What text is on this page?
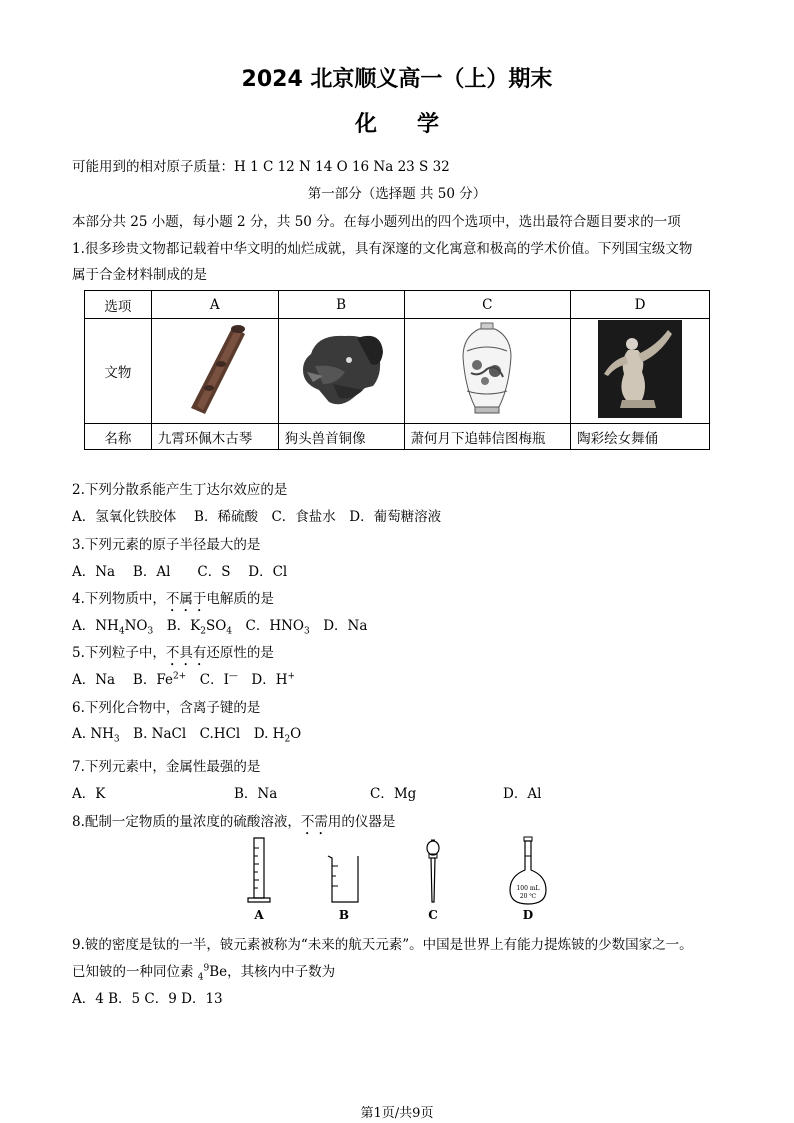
2024 北京顺义高一（上）期末
化学
可能用到的相对原子质量：H 1 C 12 N 14 O 16 Na 23 S 32
第一部分（选择题 共 50 分）
本部分共 25 小题，每小题 2 分，共 50 分。在每小题列出的四个选项中，选出最符合题目要求的一项
1.很多珍贵文物都记载着中华文明的灿烂成就，具有深邃的文化寓意和极高的学术价值。下列国宝级文物
属于合金材料制成的是
选项	A	B	C	D
文物				
名称	九霄环佩木古琴	狗头兽首铜像	萧何月下追韩信图梅瓶	陶彩绘女舞俑
2.下列分散系能产生丁达尔效应的是
A．氢氧化铁胶体　 B．稀硫酸　C．食盐水　D．葡萄糖溶液
3.下列元素的原子半径最大的是
A．Na　 B．Al　　C．S　 D．Cl
4.下列物质中，不属于电解质的是
A．$NH_4NO_3$　B．$K_2SO_4$　C．$HNO_3$　D．Na
5.下列粒子中，不具有还原性的是
A．Na　 B．$Fe^{2+}$　C．I—　D．H+
6.下列化合物中，含离子键的是
A. $NH_3$　B. NaCl　C.HCl　D. $H_2O$
7.下列元素中，金属性最强的是
A．K	B．Na	C．Mg	D．Al
8.配制一定物质的量浓度的硫酸溶液，不需用的仪器是
A	B	C
100 mL
20 ℃
D
9.铍的密度是钛的一半，铍元素被称为“未来的航天元素”。中国是世界上有能力提炼铍的少数国家之一。
已知铍的一种同位素 $_4^9$Be，其核内中子数为
A．4 B．5 C．9 D．13
第1页/共9页
